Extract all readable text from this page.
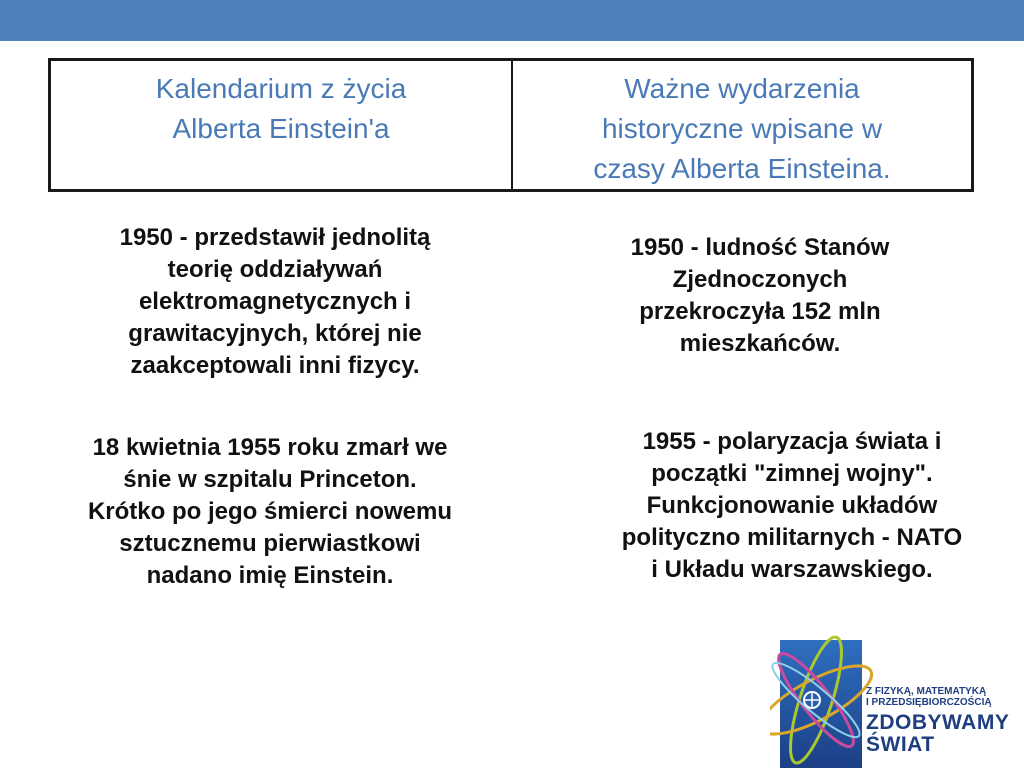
Kalendarium z życia
Alberta Einstein'a
Ważne wydarzenia
historyczne wpisane w
czasy Alberta Einsteina.
1950 - przedstawił jednolitą
teorię oddziaływań
elektromagnetycznych i
grawitacyjnych, której nie
zaakceptowali inni fizycy.
18 kwietnia 1955 roku zmarł we
śnie w szpitalu Princeton.
Krótko po jego śmierci nowemu
sztucznemu pierwiastkowi
nadano imię Einstein.
1950 - ludność Stanów
Zjednoczonych
przekroczyła 152 mln
mieszkańców.
1955 - polaryzacja świata i
początki "zimnej wojny".
Funkcjonowanie układów
polityczno militarnych - NATO
i Układu warszawskiego.
Z FIZYKĄ, MATEMATYKĄ
I PRZEDSIĘBIORCZOŚCIĄ
ZDOBYWAMY
ŚWIAT
